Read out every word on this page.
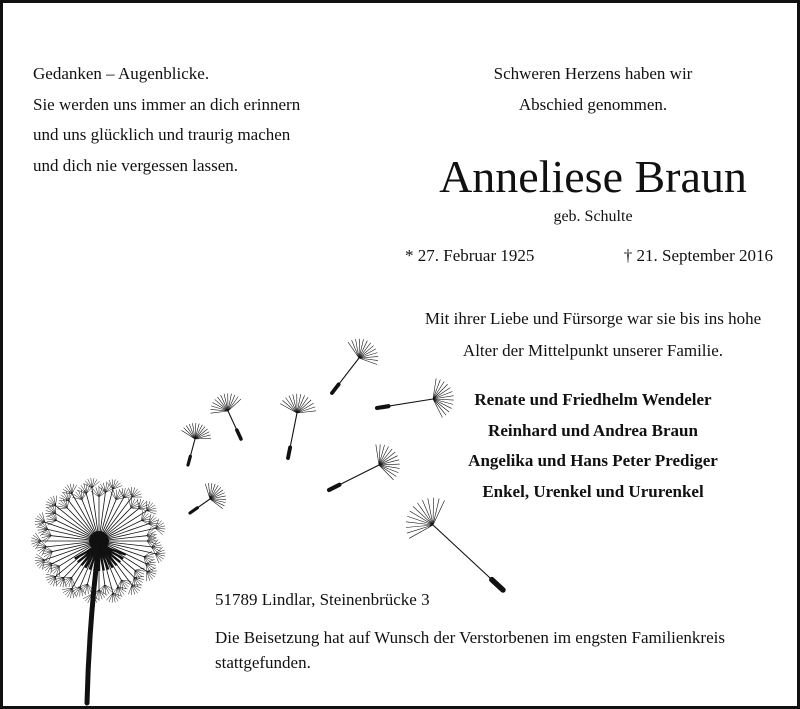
Gedanken – Augenblicke.
Sie werden uns immer an dich erinnern
und uns glücklich und traurig machen
und dich nie vergessen lassen.
Schweren Herzens haben wir
Abschied genommen.
Anneliese Braun
geb. Schulte
* 27. Februar 1925	† 21. September 2016
Mit ihrer Liebe und Fürsorge war sie bis ins hohe
Alter der Mittelpunkt unserer Familie.
Renate und Friedhelm Wendeler
Reinhard und Andrea Braun
Angelika und Hans Peter Prediger
Enkel, Urenkel und Ururenkel
51789 Lindlar, Steinenbrücke 3
Die Beisetzung hat auf Wunsch der Verstorbenen im engsten Familienkreis
stattgefunden.
